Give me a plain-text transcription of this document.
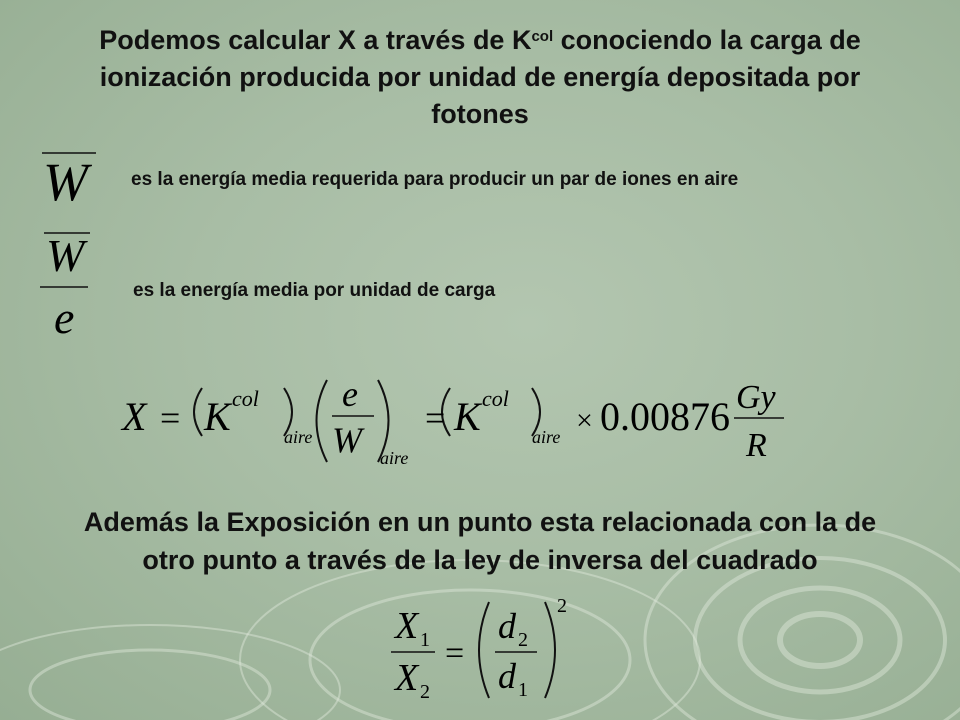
Podemos calcular X a través de $K^{col}$ conociendo la carga de
ionización producida por unidad de energía depositada por
fotones
W es la energía media requerida para producir un par de iones en aire
W
e
es la energía media por unidad de carga
X = K col
aire
e
W aire
= K col
aire × 0.00876 Gy
R
Además la Exposición en un punto esta relacionada con la de
otro punto a través de la ley de inversa del cuadrado
X 1
X 2
=
d 2
d 1
2
